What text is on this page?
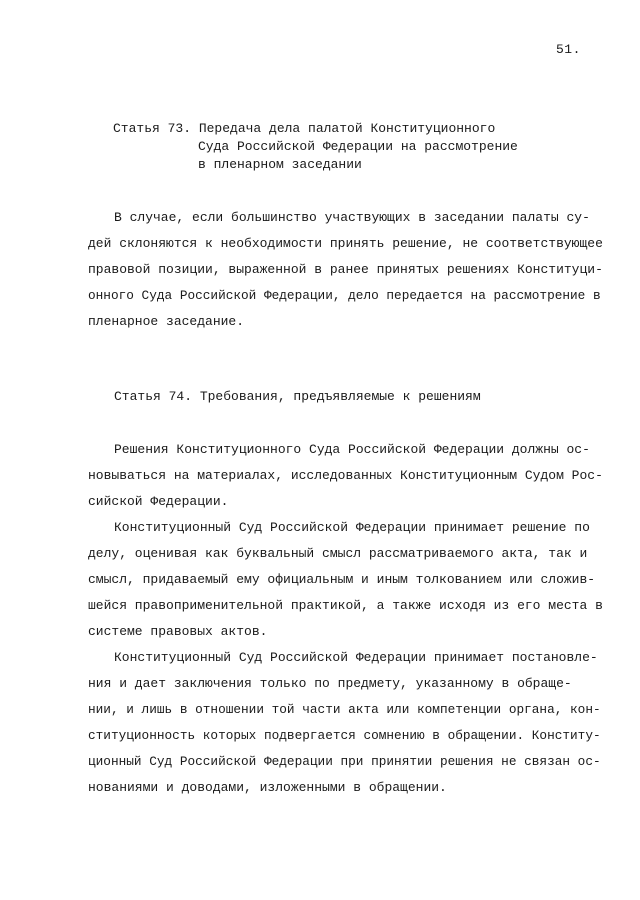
51.
Статья 73. Передача дела палатой Конституционного
Суда Российской Федерации на рассмотрение
в пленарном заседании
В случае, если большинство участвующих в заседании палаты су-
дей склоняются к необходимости принять решение, не соответствующее
правовой позиции, выраженной в ранее принятых решениях Конституци-
онного Суда Российской Федерации, дело передается на рассмотрение в
пленарное заседание.
Статья 74. Требования, предъявляемые к решениям
Решения Конституционного Суда Российской Федерации должны ос-
новываться на материалах, исследованных Конституционным Судом Рос-
сийской Федерации.
Конституционный Суд Российской Федерации принимает решение по
делу, оценивая как буквальный смысл рассматриваемого акта, так и
смысл, придаваемый ему официальным и иным толкованием или сложив-
шейся правоприменительной практикой, а также исходя из его места в
системе правовых актов.
Конституционный Суд Российской Федерации принимает постановле-
ния и дает заключения только по предмету, указанному в обраще-
нии, и лишь в отношении той части акта или компетенции органа, кон-
ституционность которых подвергается сомнению в обращении. Конститу-
ционный Суд Российской Федерации при принятии решения не связан ос-
нованиями и доводами, изложенными в обращении.
